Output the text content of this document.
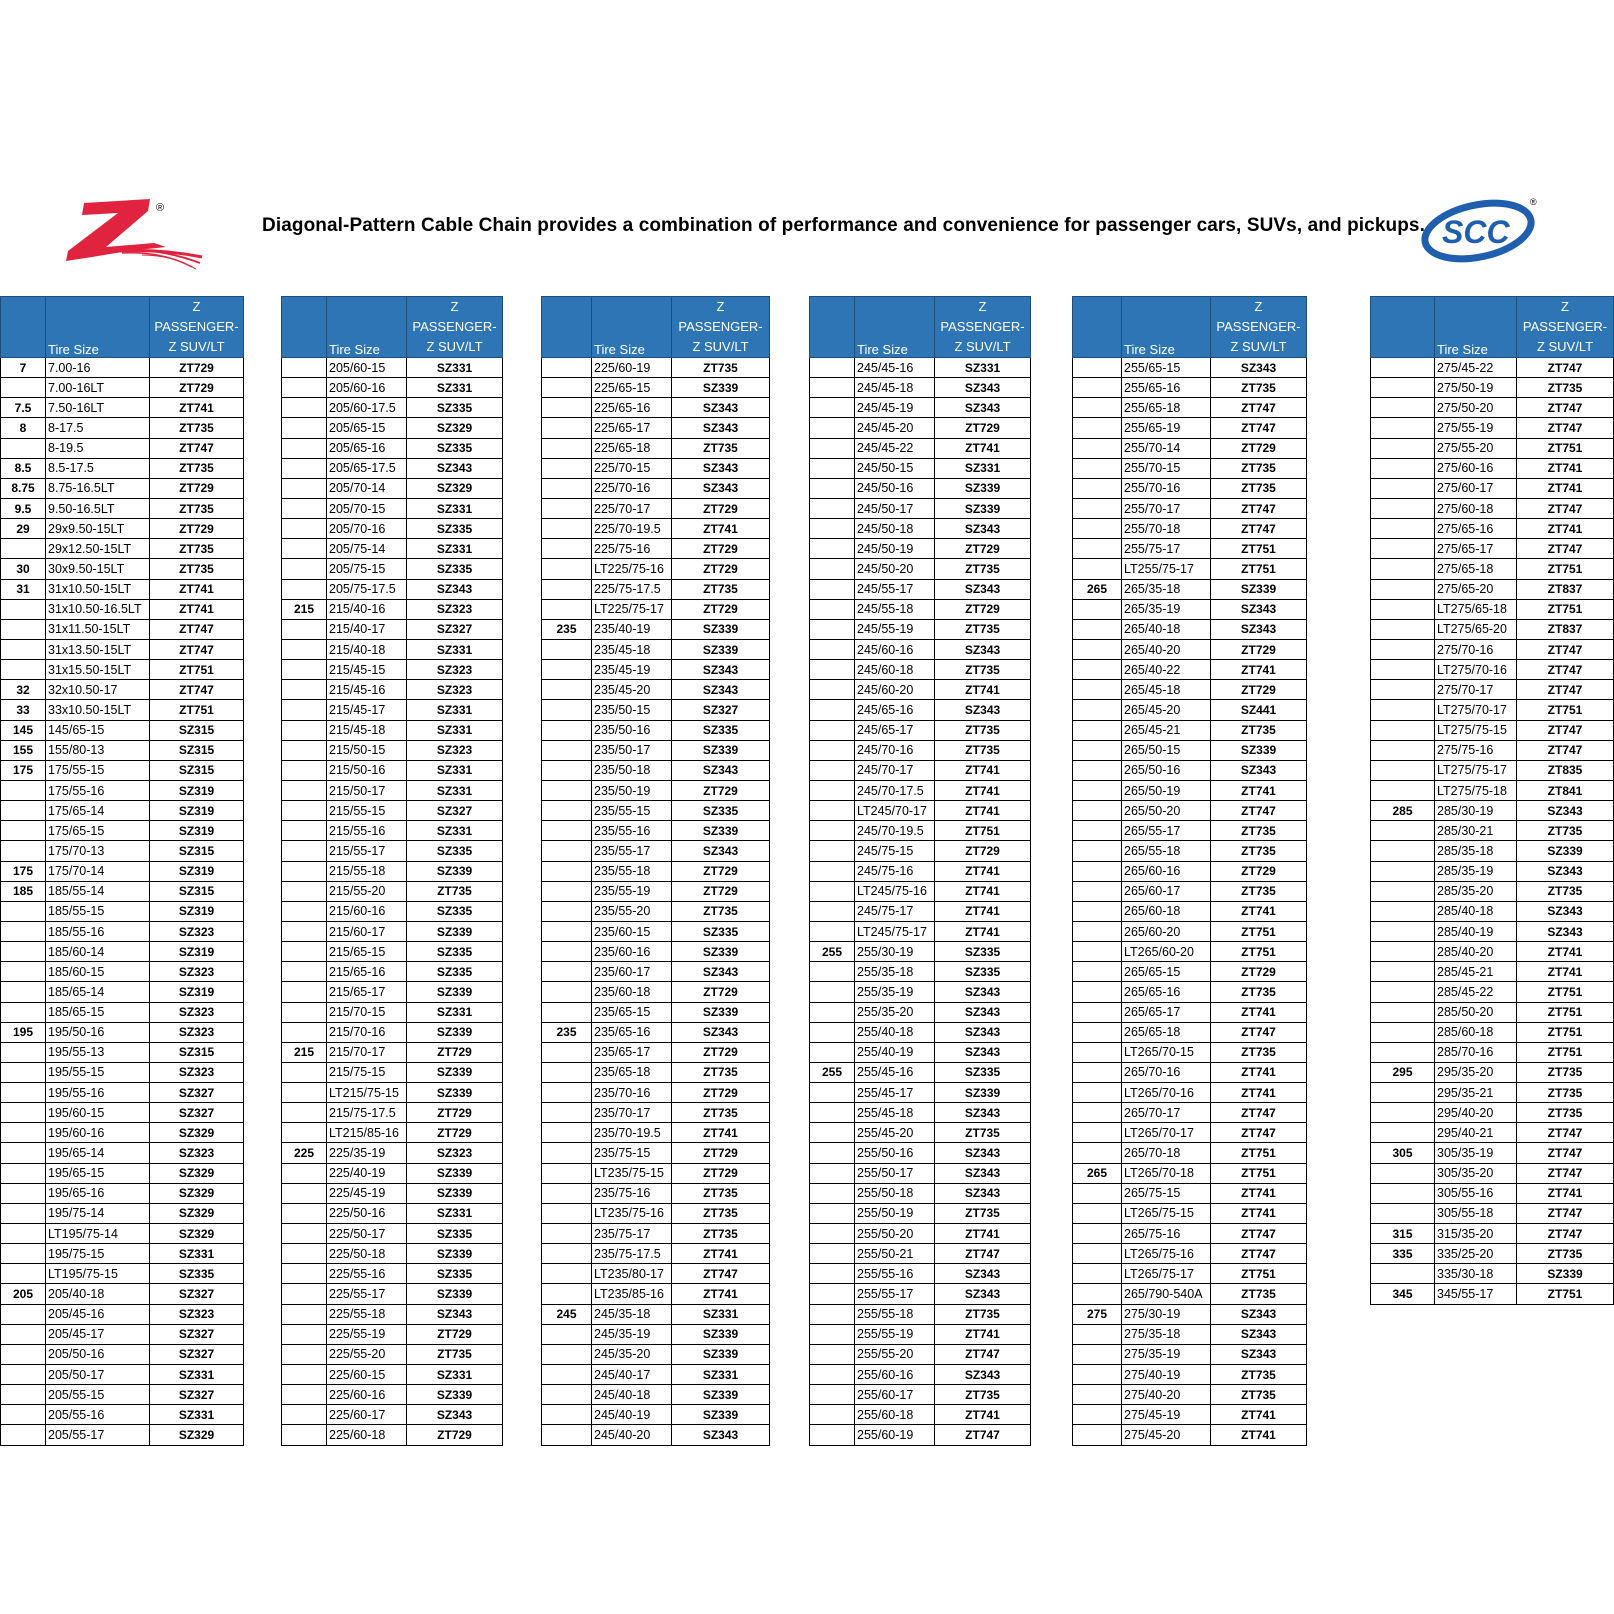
®
Diagonal-Pattern Cable Chain provides a combination of performance and convenience for passenger cars, SUVs, and pickups. SCC
®
	Tire Size	Z PASSENGER-
Z SUV/LT

7	7.00-16	ZT729
	7.00-16LT	ZT729
7.5	7.50-16LT	ZT741
8	8-17.5	ZT735
	8-19.5	ZT747
8.5	8.5-17.5	ZT735
8.75	8.75-16.5LT	ZT729
9.5	9.50-16.5LT	ZT735
29	29x9.50-15LT	ZT729
	29x12.50-15LT	ZT735
30	30x9.50-15LT	ZT735
31	31x10.50-15LT	ZT741
	31x10.50-16.5LT	ZT741
	31x11.50-15LT	ZT747
	31x13.50-15LT	ZT747
	31x15.50-15LT	ZT751
32	32x10.50-17	ZT747
33	33x10.50-15LT	ZT751
145	145/65-15	SZ315
155	155/80-13	SZ315
175	175/55-15	SZ315
	175/55-16	SZ319
	175/65-14	SZ319
	175/65-15	SZ319
	175/70-13	SZ315
175	175/70-14	SZ319
185	185/55-14	SZ315
	185/55-15	SZ319
	185/55-16	SZ323
	185/60-14	SZ319
	185/60-15	SZ323
	185/65-14	SZ319
	185/65-15	SZ323
195	195/50-16	SZ323
	195/55-13	SZ315
	195/55-15	SZ323
	195/55-16	SZ327
	195/60-15	SZ327
	195/60-16	SZ329
	195/65-14	SZ323
	195/65-15	SZ329
	195/65-16	SZ329
	195/75-14	SZ329
	LT195/75-14	SZ329
	195/75-15	SZ331
	LT195/75-15	SZ335
205	205/40-18	SZ327
	205/45-16	SZ323
	205/45-17	SZ327
	205/50-16	SZ327
	205/50-17	SZ331
	205/55-15	SZ327
	205/55-16	SZ331
	205/55-17	SZ329
	Tire Size	Z PASSENGER-
Z SUV/LT

	205/60-15	SZ331
	205/60-16	SZ331
	205/60-17.5	SZ335
	205/65-15	SZ329
	205/65-16	SZ335
	205/65-17.5	SZ343
	205/70-14	SZ329
	205/70-15	SZ331
	205/70-16	SZ335
	205/75-14	SZ331
	205/75-15	SZ335
	205/75-17.5	SZ343
215	215/40-16	SZ323
	215/40-17	SZ327
	215/40-18	SZ331
	215/45-15	SZ323
	215/45-16	SZ323
	215/45-17	SZ331
	215/45-18	SZ331
	215/50-15	SZ323
	215/50-16	SZ331
	215/50-17	SZ331
	215/55-15	SZ327
	215/55-16	SZ331
	215/55-17	SZ335
	215/55-18	SZ339
	215/55-20	ZT735
	215/60-16	SZ335
	215/60-17	SZ339
	215/65-15	SZ335
	215/65-16	SZ335
	215/65-17	SZ339
	215/70-15	SZ331
	215/70-16	SZ339
215	215/70-17	ZT729
	215/75-15	SZ339
	LT215/75-15	SZ339
	215/75-17.5	ZT729
	LT215/85-16	ZT729
225	225/35-19	SZ323
	225/40-19	SZ339
	225/45-19	SZ339
	225/50-16	SZ331
	225/50-17	SZ335
	225/50-18	SZ339
	225/55-16	SZ335
	225/55-17	SZ339
	225/55-18	SZ343
	225/55-19	ZT729
	225/55-20	ZT735
	225/60-15	SZ331
	225/60-16	SZ339
	225/60-17	SZ343
	225/60-18	ZT729
	Tire Size	Z PASSENGER-
Z SUV/LT

	225/60-19	ZT735
	225/65-15	SZ339
	225/65-16	SZ343
	225/65-17	SZ343
	225/65-18	ZT735
	225/70-15	SZ343
	225/70-16	SZ343
	225/70-17	ZT729
	225/70-19.5	ZT741
	225/75-16	ZT729
	LT225/75-16	ZT729
	225/75-17.5	ZT735
	LT225/75-17	ZT729
235	235/40-19	SZ339
	235/45-18	SZ339
	235/45-19	SZ343
	235/45-20	SZ343
	235/50-15	SZ327
	235/50-16	SZ335
	235/50-17	SZ339
	235/50-18	SZ343
	235/50-19	ZT729
	235/55-15	SZ335
	235/55-16	SZ339
	235/55-17	SZ343
	235/55-18	ZT729
	235/55-19	ZT729
	235/55-20	ZT735
	235/60-15	SZ335
	235/60-16	SZ339
	235/60-17	SZ343
	235/60-18	ZT729
	235/65-15	SZ339
235	235/65-16	SZ343
	235/65-17	ZT729
	235/65-18	ZT735
	235/70-16	ZT729
	235/70-17	ZT735
	235/70-19.5	ZT741
	235/75-15	ZT729
	LT235/75-15	ZT729
	235/75-16	ZT735
	LT235/75-16	ZT735
	235/75-17	ZT735
	235/75-17.5	ZT741
	LT235/80-17	ZT747
	LT235/85-16	ZT741
245	245/35-18	SZ331
	245/35-19	SZ339
	245/35-20	SZ339
	245/40-17	SZ331
	245/40-18	SZ339
	245/40-19	SZ339
	245/40-20	SZ343
	Tire Size	Z PASSENGER-
Z SUV/LT

	245/45-16	SZ331
	245/45-18	SZ343
	245/45-19	SZ343
	245/45-20	ZT729
	245/45-22	ZT741
	245/50-15	SZ331
	245/50-16	SZ339
	245/50-17	SZ339
	245/50-18	SZ343
	245/50-19	ZT729
	245/50-20	ZT735
	245/55-17	SZ343
	245/55-18	ZT729
	245/55-19	ZT735
	245/60-16	SZ343
	245/60-18	ZT735
	245/60-20	ZT741
	245/65-16	SZ343
	245/65-17	ZT735
	245/70-16	ZT735
	245/70-17	ZT741
	245/70-17.5	ZT741
	LT245/70-17	ZT741
	245/70-19.5	ZT751
	245/75-15	ZT729
	245/75-16	ZT741
	LT245/75-16	ZT741
	245/75-17	ZT741
	LT245/75-17	ZT741
255	255/30-19	SZ335
	255/35-18	SZ335
	255/35-19	SZ343
	255/35-20	SZ343
	255/40-18	SZ343
	255/40-19	SZ343
255	255/45-16	SZ335
	255/45-17	SZ339
	255/45-18	SZ343
	255/45-20	ZT735
	255/50-16	SZ343
	255/50-17	SZ343
	255/50-18	SZ343
	255/50-19	ZT735
	255/50-20	ZT741
	255/50-21	ZT747
	255/55-16	SZ343
	255/55-17	SZ343
	255/55-18	ZT735
	255/55-19	ZT741
	255/55-20	ZT747
	255/60-16	SZ343
	255/60-17	ZT735
	255/60-18	ZT741
	255/60-19	ZT747
	Tire Size	Z PASSENGER-
Z SUV/LT

	255/65-15	SZ343
	255/65-16	ZT735
	255/65-18	ZT747
	255/65-19	ZT747
	255/70-14	ZT729
	255/70-15	ZT735
	255/70-16	ZT735
	255/70-17	ZT747
	255/70-18	ZT747
	255/75-17	ZT751
	LT255/75-17	ZT751
265	265/35-18	SZ339
	265/35-19	SZ343
	265/40-18	SZ343
	265/40-20	ZT729
	265/40-22	ZT741
	265/45-18	ZT729
	265/45-20	SZ441
	265/45-21	ZT735
	265/50-15	SZ339
	265/50-16	SZ343
	265/50-19	ZT741
	265/50-20	ZT747
	265/55-17	ZT735
	265/55-18	ZT735
	265/60-16	ZT729
	265/60-17	ZT735
	265/60-18	ZT741
	265/60-20	ZT751
	LT265/60-20	ZT751
	265/65-15	ZT729
	265/65-16	ZT735
	265/65-17	ZT741
	265/65-18	ZT747
	LT265/70-15	ZT735
	265/70-16	ZT741
	LT265/70-16	ZT741
	265/70-17	ZT747
	LT265/70-17	ZT747
	265/70-18	ZT751
265	LT265/70-18	ZT751
	265/75-15	ZT741
	LT265/75-15	ZT741
	265/75-16	ZT747
	LT265/75-16	ZT747
	LT265/75-17	ZT751
	265/790-540A	ZT735
275	275/30-19	SZ343
	275/35-18	SZ343
	275/35-19	SZ343
	275/40-19	ZT735
	275/40-20	ZT735
	275/45-19	ZT741
	275/45-20	ZT741
	Tire Size	Z PASSENGER-
Z SUV/LT

	275/45-22	ZT747
	275/50-19	ZT735
	275/50-20	ZT747
	275/55-19	ZT747
	275/55-20	ZT751
	275/60-16	ZT741
	275/60-17	ZT741
	275/60-18	ZT747
	275/65-16	ZT741
	275/65-17	ZT747
	275/65-18	ZT751
	275/65-20	ZT837
	LT275/65-18	ZT751
	LT275/65-20	ZT837
	275/70-16	ZT747
	LT275/70-16	ZT747
	275/70-17	ZT747
	LT275/70-17	ZT751
	LT275/75-15	ZT747
	275/75-16	ZT747
	LT275/75-17	ZT835
	LT275/75-18	ZT841
285	285/30-19	SZ343
	285/30-21	ZT735
	285/35-18	SZ339
	285/35-19	SZ343
	285/35-20	ZT735
	285/40-18	SZ343
	285/40-19	SZ343
	285/40-20	ZT741
	285/45-21	ZT741
	285/45-22	ZT751
	285/50-20	ZT751
	285/60-18	ZT751
	285/70-16	ZT751
295	295/35-20	ZT735
	295/35-21	ZT735
	295/40-20	ZT735
	295/40-21	ZT747
305	305/35-19	ZT747
	305/35-20	ZT747
	305/55-16	ZT741
	305/55-18	ZT747
315	315/35-20	ZT747
335	335/25-20	ZT735
	335/30-18	SZ339
345	345/55-17	ZT751
